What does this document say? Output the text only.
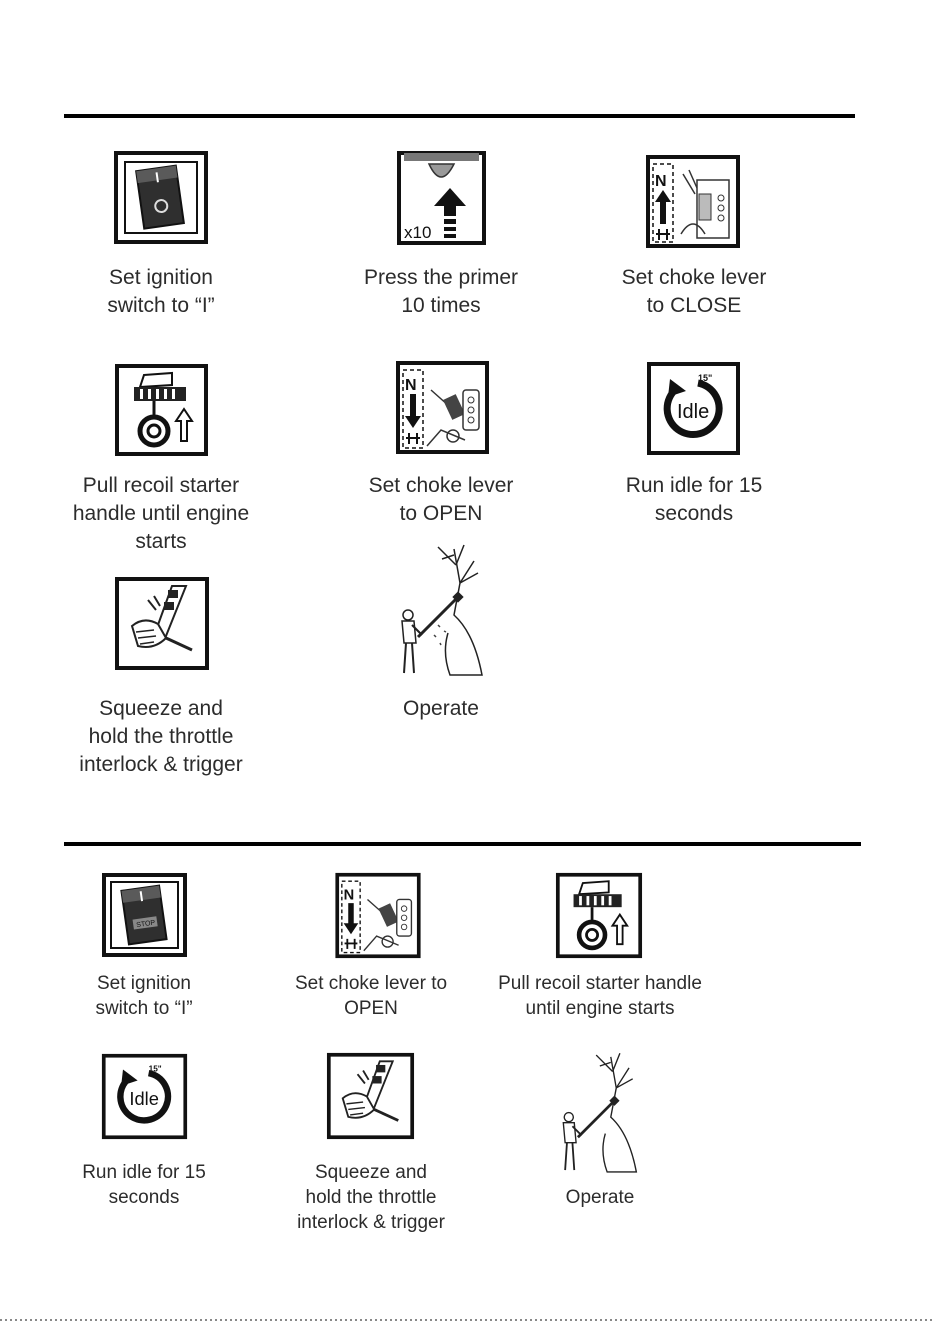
Set ignition
switch to “I”
x10
Press the primer
10 times
N
Set choke lever
to CLOSE
Pull recoil starter
handle until engine
starts
N
Set choke lever
to OPEN
15"
Idle
Run idle for 15
seconds
Squeeze and
hold the throttle
interlock & trigger
Operate
STOP
Set ignition
switch to “I”
N
Set choke lever to
OPEN
Pull recoil starter handle
until engine starts
15"
Idle
Run idle for 15
seconds
Squeeze and
hold the throttle
interlock & trigger
Operate
